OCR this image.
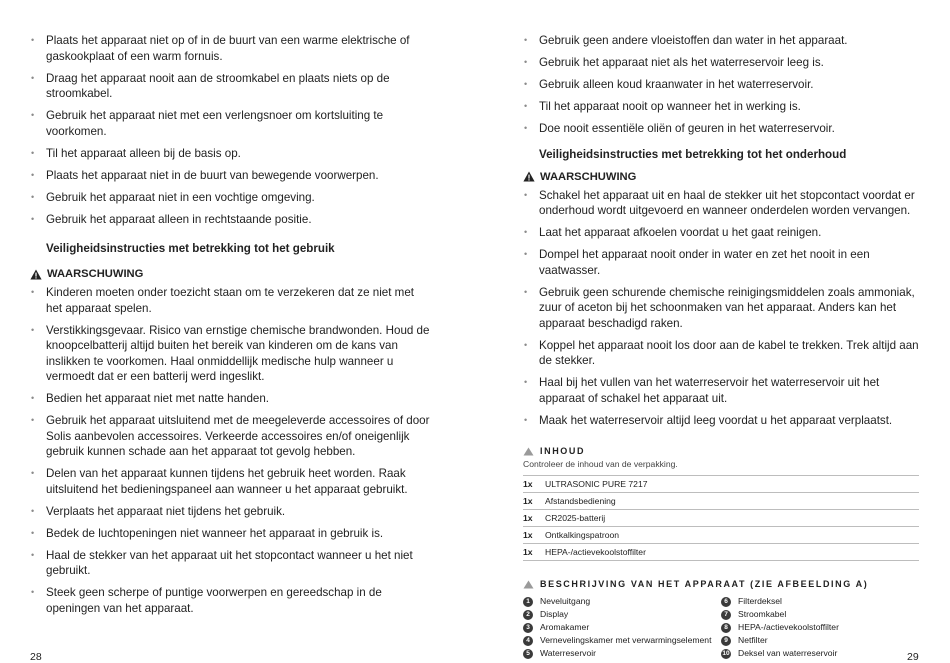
• Plaats het apparaat niet op of in de buurt van een warme elektrische of gaskookplaat of een warm fornuis.
• Draag het apparaat nooit aan de stroomkabel en plaats niets op de stroomkabel.
• Gebruik het apparaat niet met een verlengsnoer om kortsluiting te voorkomen.
• Til het apparaat alleen bij de basis op.
• Plaats het apparaat niet in de buurt van bewegende voorwerpen.
• Gebruik het apparaat niet in een vochtige omgeving.
• Gebruik het apparaat alleen in rechtstaande positie.
Veiligheidsinstructies met betrekking tot het gebruik
WAARSCHUWING
• Kinderen moeten onder toezicht staan om te verzekeren dat ze niet met het apparaat spelen.
• Verstikkingsgevaar. Risico van ernstige chemische brandwonden. Houd de knoopcelbatterij altijd buiten het bereik van kinderen om de kans van inslikken te voorkomen. Haal onmiddellijk medische hulp wanneer u vermoedt dat er een batterij werd ingeslikt.
• Bedien het apparaat niet met natte handen.
• Gebruik het apparaat uitsluitend met de meegeleverde accessoires of door Solis aanbevolen accessoires. Verkeerde accessoires en/of oneigenlijk gebruik kunnen schade aan het apparaat tot gevolg hebben.
• Delen van het apparaat kunnen tijdens het gebruik heet worden. Raak uitsluitend het bedieningspaneel aan wanneer u het apparaat gebruikt.
• Verplaats het apparaat niet tijdens het gebruik.
• Bedek de luchtopeningen niet wanneer het apparaat in gebruik is.
• Haal de stekker van het apparaat uit het stopcontact wanneer u het niet gebruikt.
• Steek geen scherpe of puntige voorwerpen en gereedschap in de openingen van het apparaat.
28
• Gebruik geen andere vloeistoffen dan water in het apparaat.
• Gebruik het apparaat niet als het waterreservoir leeg is.
• Gebruik alleen koud kraanwater in het waterreservoir.
• Til het apparaat nooit op wanneer het in werking is.
• Doe nooit essentiële oliën of geuren in het waterreservoir.
Veiligheidsinstructies met betrekking tot het onderhoud
WAARSCHUWING
• Schakel het apparaat uit en haal de stekker uit het stopcontact voordat er onderhoud wordt uitgevoerd en wanneer onderdelen worden vervangen.
• Laat het apparaat afkoelen voordat u het gaat reinigen.
• Dompel het apparaat nooit onder in water en zet het nooit in een vaatwasser.
• Gebruik geen schurende chemische reinigingsmiddelen zoals ammoniak, zuur of aceton bij het schoonmaken van het apparaat. Anders kan het apparaat beschadigd raken.
• Koppel het apparaat nooit los door aan de kabel te trekken. Trek altijd aan de stekker.
• Haal bij het vullen van het waterreservoir het waterreservoir uit het apparaat of schakel het apparaat uit.
• Maak het waterreservoir altijd leeg voordat u het apparaat verplaatst.
INHOUD
Controleer de inhoud van de verpakking.
1x	ULTRASONIC PURE 7217
1x	Afstandsbediening
1x	CR2025-batterij
1x	Ontkalkingspatroon
1x	HEPA-/actievekoolstoffilter
BESCHRIJVING VAN HET APPARAAT (ZIE AFBEELDING A)
1	Neveluitgang
2	Display
3	Aromakamer
4	Vernevelingskamer met verwarmingselement
5	Waterreservoir
6	Filterdeksel
7	Stroomkabel
8	HEPA-/actievekoolstoffilter
9	Netfilter
10 Deksel van waterreservoir	29
